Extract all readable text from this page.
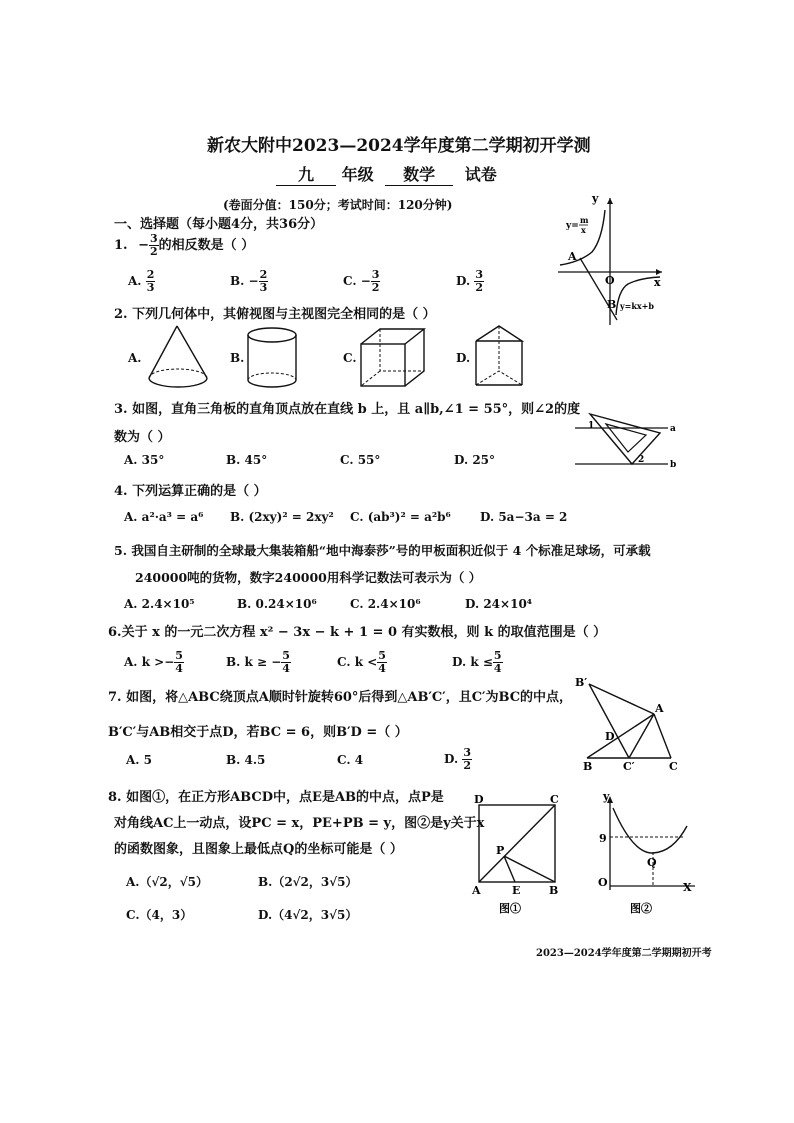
新农大附中2023—2024学年度第二学期初开学测
九 年级 数学 试卷
(卷面分值：150分；考试时间：120分钟)
一、选择题（每小题4分，共36分）
1. − $\frac{3}{2}$ 的相反数是（ ）
A. $\frac{2}{3}$	B. − $\frac{2}{3}$	C. − $\frac{3}{2}$	D. $\frac{3}{2}$
y
x
O
A
B
y=
m
x
y=kx+b
2. 下列几何体中，其俯视图与主视图完全相同的是（ ）
A.	B.	C.	D.
3. 如图，直角三角板的直角顶点放在直线 b 上，且 a∥b,∠1 = 55°，则∠2的度
数为（ ）
A. 35°	B. 45°	C. 55°	D. 25°
1
2
a
b
4. 下列运算正确的是（ ）
A. a²·a³ = a⁶ B. (2xy)² = 2xy² C. (ab³)² = a²b⁶ D. 5a−3a = 2
5. 我国自主研制的全球最大集装箱船“地中海泰莎”号的甲板面积近似于 4 个标准足球场，可承载
240000吨的货物，数字240000用科学记数法可表示为（ ）
A. 2.4×10⁵	B. 0.24×10⁶	C. 2.4×10⁶	D. 24×10⁴
6.关于 x 的一元二次方程 x² − 3x − k + 1 = 0 有实数根，则 k 的取值范围是（ ）
A. $k >- \frac{5}{4}$	B. k ≥ − $\frac{5}{4}$	C. $k < \frac{5}{4}$	D. $k \le \frac{5}{4}$
7. 如图，将△ABC绕顶点A顺时针旋转60°后得到△AB′C′，且C′为BC的中点，
B′C′与AB相交于点D，若BC = 6，则B′D =（ ）
A. 5	B. 4.5	C. 4	D. $\frac{3}{2}$
B′
A
D
B	C′	C
8. 如图①，在正方形ABCD中，点E是AB的中点，点P是
对角线AC上一动点，设PC = x，PE+PB = y，图②是y关于x
的函数图象，且图象上最低点Q的坐标可能是（ ）
A.（√2，√5）	B.（2√2，3√5）
C.（4，3）	D.（4√2，3√5）
D	C
P
A	E	B
图①
y
9
Q
O	X
图②
2023—2024学年度第二学期期初开考
